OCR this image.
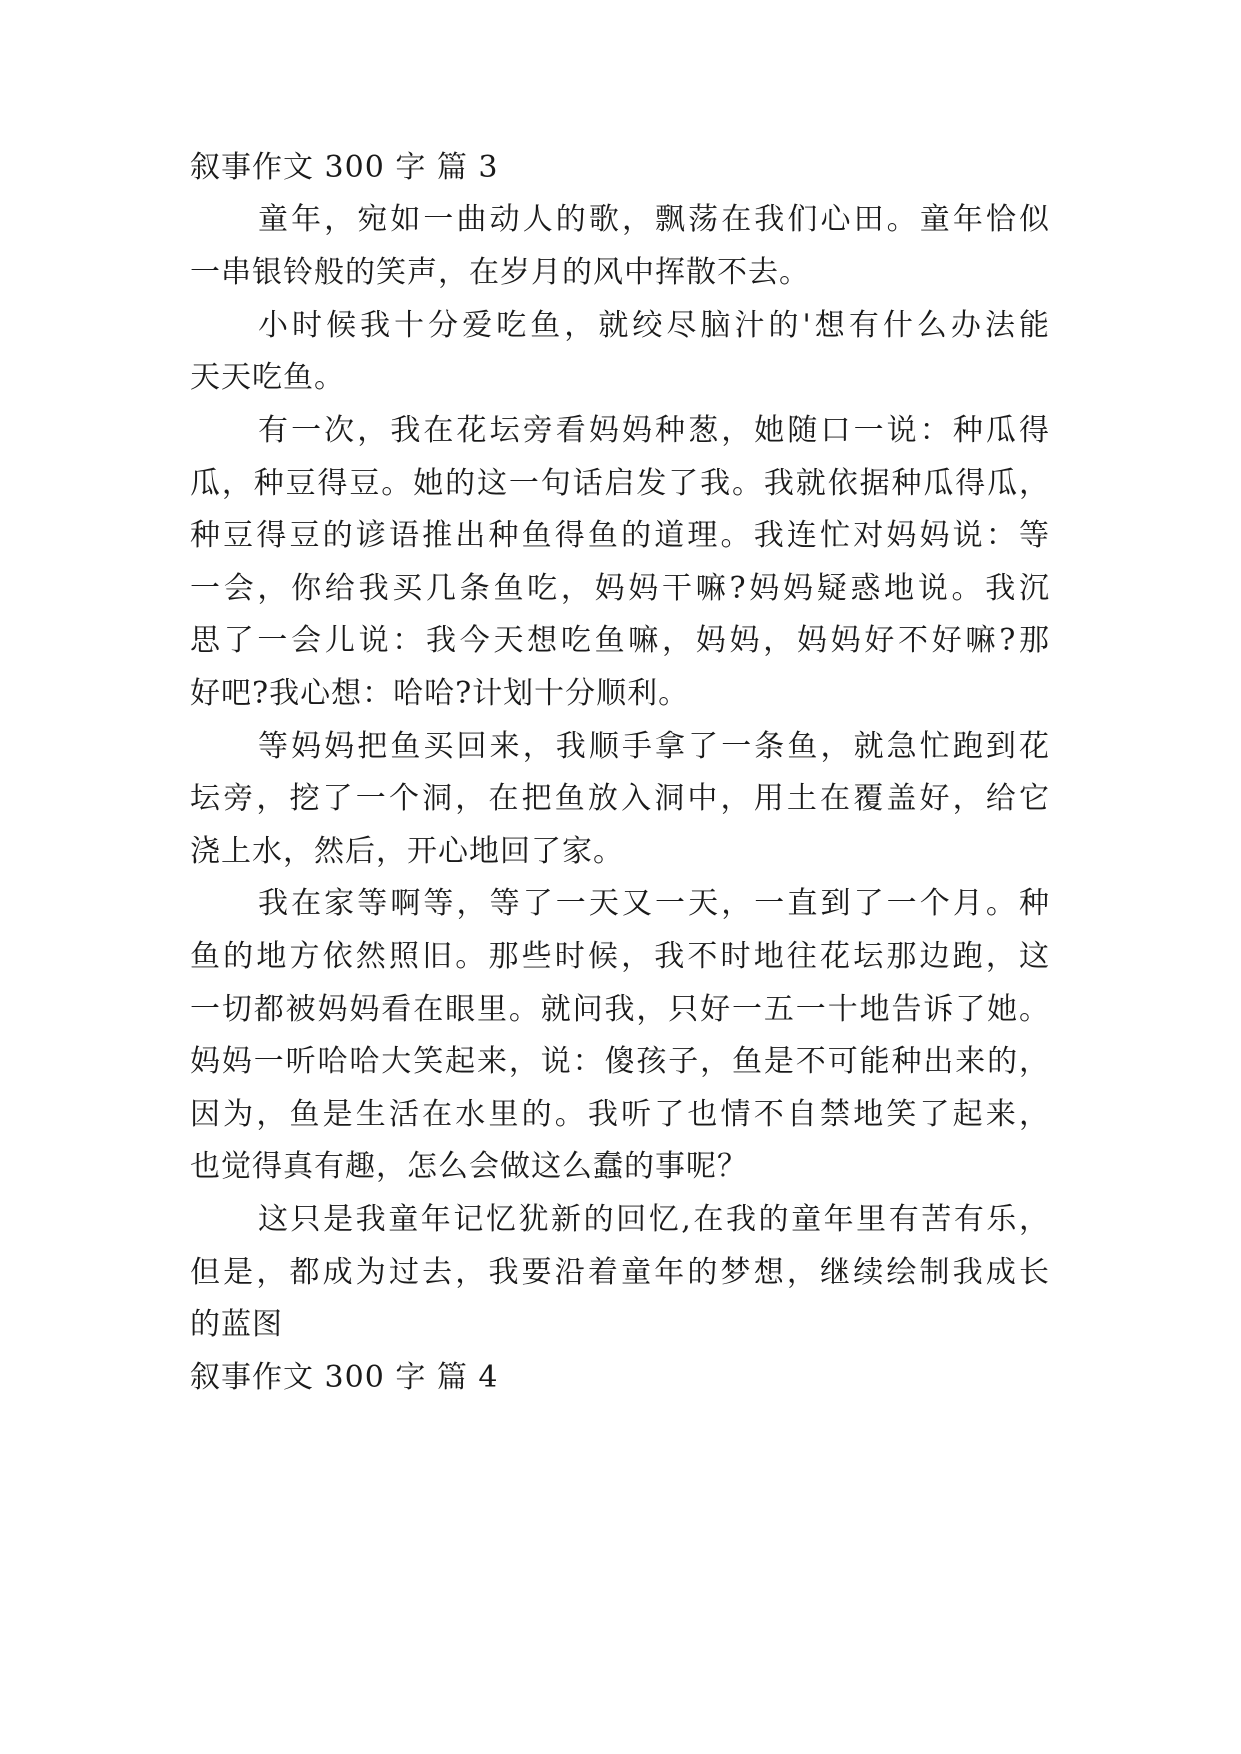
叙事作文 300 字 篇 3
童年，宛如一曲动人的歌，飘荡在我们心田。童年恰似
一串银铃般的笑声，在岁月的风中挥散不去。
小时候我十分爱吃鱼，就绞尽脑汁的'想有什么办法能
天天吃鱼。
有一次，我在花坛旁看妈妈种葱，她随口一说：种瓜得
瓜，种豆得豆。她的这一句话启发了我。我就依据种瓜得瓜，
种豆得豆的谚语推出种鱼得鱼的道理。我连忙对妈妈说：等
一会，你给我买几条鱼吃，妈妈干嘛?妈妈疑惑地说。我沉
思了一会儿说：我今天想吃鱼嘛，妈妈，妈妈好不好嘛?那
好吧?我心想：哈哈?计划十分顺利。
等妈妈把鱼买回来，我顺手拿了一条鱼，就急忙跑到花
坛旁，挖了一个洞，在把鱼放入洞中，用土在覆盖好，给它
浇上水，然后，开心地回了家。
我在家等啊等，等了一天又一天，一直到了一个月。种
鱼的地方依然照旧。那些时候，我不时地往花坛那边跑，这
一切都被妈妈看在眼里。就问我，只好一五一十地告诉了她。
妈妈一听哈哈大笑起来，说：傻孩子，鱼是不可能种出来的，
因为，鱼是生活在水里的。我听了也情不自禁地笑了起来，
也觉得真有趣，怎么会做这么蠢的事呢？
这只是我童年记忆犹新的回忆,在我的童年里有苦有乐，
但是，都成为过去，我要沿着童年的梦想，继续绘制我成长
的蓝图
叙事作文 300 字 篇 4
